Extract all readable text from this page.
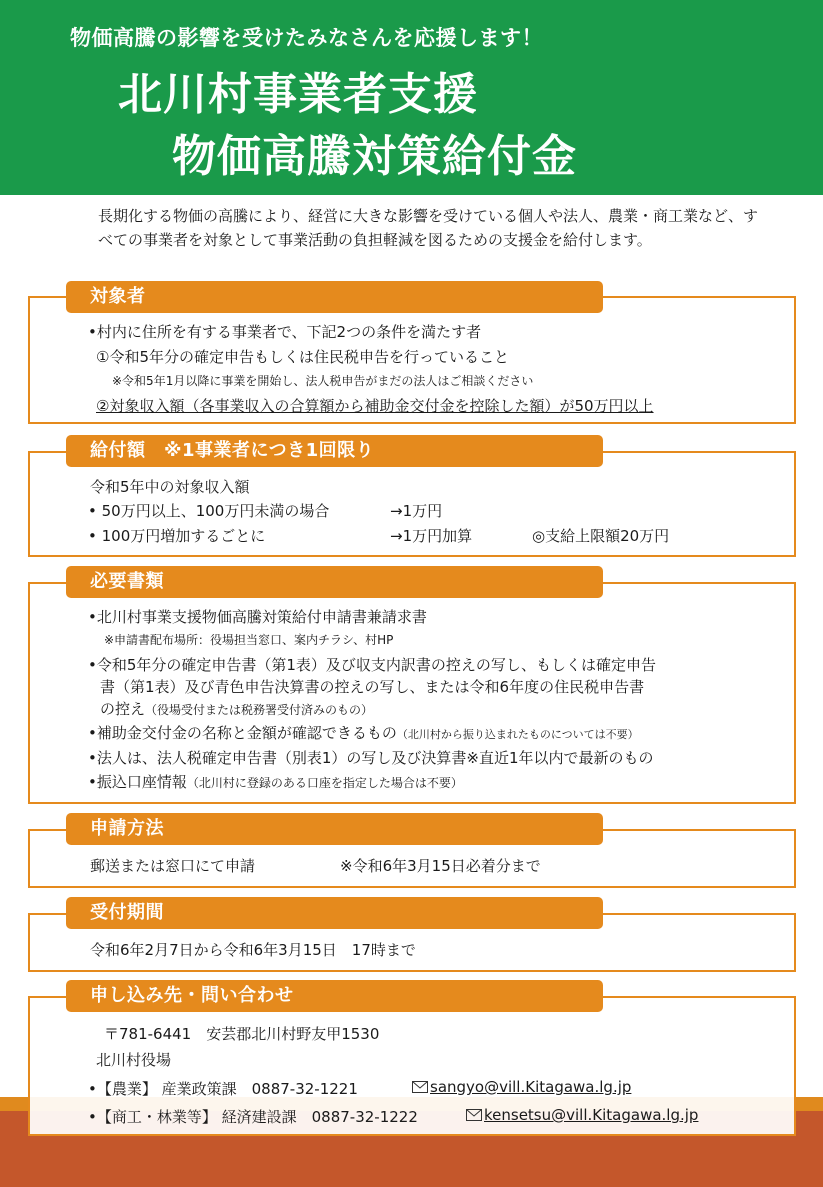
物価高騰の影響を受けたみなさんを応援します！
北川村事業者支援
物価高騰対策給付金
長期化する物価の高騰により、経営に大きな影響を受けている個人や法人、農業・商工業など、す
べての事業者を対象として事業活動の負担軽減を図るための支援金を給付します。
対象者
•村内に住所を有する事業者で、下記2つの条件を満たす者
①令和5年分の確定申告もしくは住民税申告を行っていること
※令和5年1月以降に事業を開始し、法人税申告がまだの法人はご相談ください
②対象収入額（各事業収入の合算額から補助金交付金を控除した額）が50万円以上
給付額　※1事業者につき1回限り
令和5年中の対象収入額
• 50万円以上、100万円未満の場合	→1万円
• 100万円増加するごとに	→1万円加算	◎支給上限額20万円
必要書類
•北川村事業支援物価高騰対策給付申請書兼請求書
※申請書配布場所：役場担当窓口、案内チラシ、村HP
•令和5年分の確定申告書（第1表）及び収支内訳書の控えの写し、もしくは確定申告
書（第1表）及び青色申告決算書の控えの写し、または令和6年度の住民税申告書
の控え（役場受付または税務署受付済みのもの）
•補助金交付金の名称と金額が確認できるもの（北川村から振り込まれたものについては不要）
•法人は、法人税確定申告書（別表1）の写し及び決算書※直近1年以内で最新のもの
•振込口座情報（北川村に登録のある口座を指定した場合は不要）
申請方法
郵送または窓口にて申請	※令和6年3月15日必着分まで
受付期間
令和6年2月7日から令和6年3月15日　17時まで
申し込み先・問い合わせ
〒781-6441　安芸郡北川村野友甲1530
北川村役場
•【農業】 産業政策課　0887-32-1221	sangyo@vill.Kitagawa.lg.jp
•【商工・林業等】 経済建設課　0887-32-1222	kensetsu@vill.Kitagawa.lg.jp
